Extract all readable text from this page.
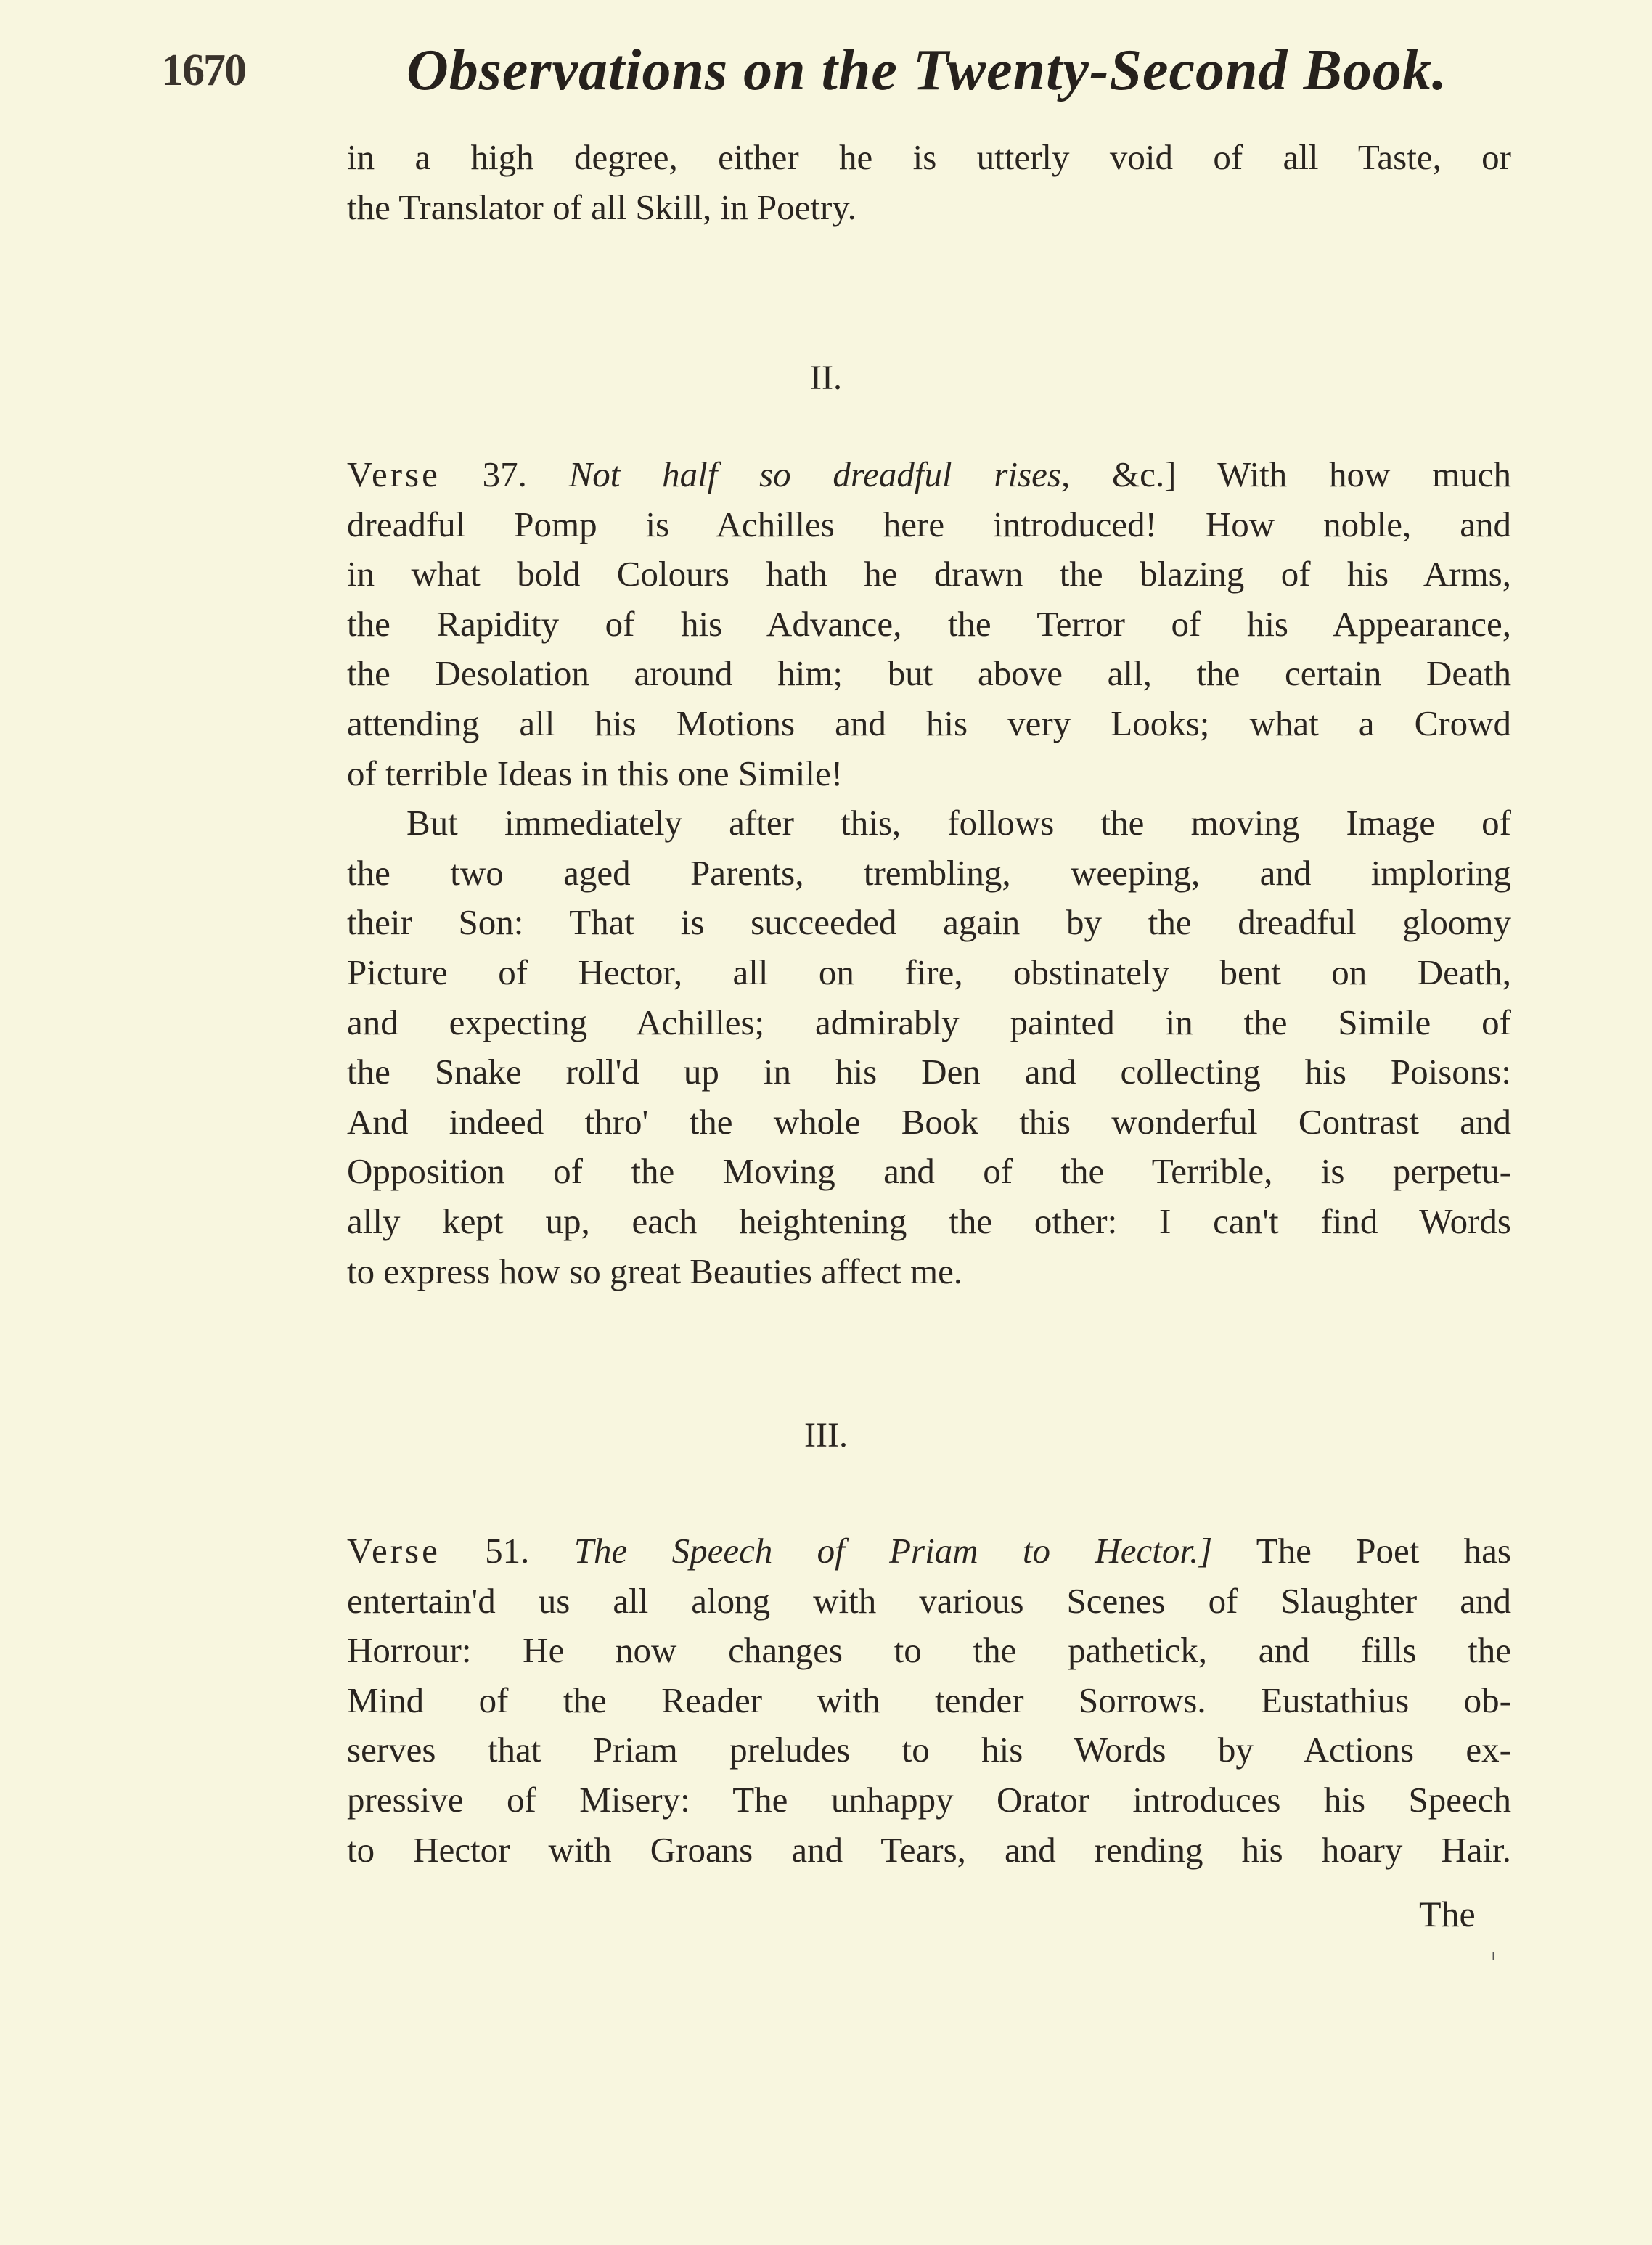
1670	Observations on the Twenty-Second Book.
in a high degree, either he is utterly void of all Taste, or
the Translator of all Skill, in Poetry.
II.
Verse 37. Not half so dreadful rises, &c.] With how much
dreadful Pomp is Achilles here introduced! How noble, and
in what bold Colours hath he drawn the blazing of his Arms,
the Rapidity of his Advance, the Terror of his Appearance,
the Desolation around him; but above all, the certain Death
attending all his Motions and his very Looks; what a Crowd
of terrible Ideas in this one Simile!
But immediately after this, follows the moving Image of
the two aged Parents, trembling, weeping, and imploring
their Son: That is succeeded again by the dreadful gloomy
Picture of Hector, all on fire, obstinately bent on Death,
and expecting Achilles; admirably painted in the Simile of
the Snake roll'd up in his Den and collecting his Poisons:
And indeed thro' the whole Book this wonderful Contrast and
Opposition of the Moving and of the Terrible, is perpetu-
ally kept up, each heightening the other: I can't find Words
to express how so great Beauties affect me.
III.
Verse 51. The Speech of Priam to Hector.] The Poet has
entertain'd us all along with various Scenes of Slaughter and
Horrour: He now changes to the pathetick, and fills the
Mind of the Reader with tender Sorrows. Eustathius ob-
serves that Priam preludes to his Words by Actions ex-
pressive of Misery: The unhappy Orator introduces his Speech
to Hector with Groans and Tears, and rending his hoary Hair.
The
ı
